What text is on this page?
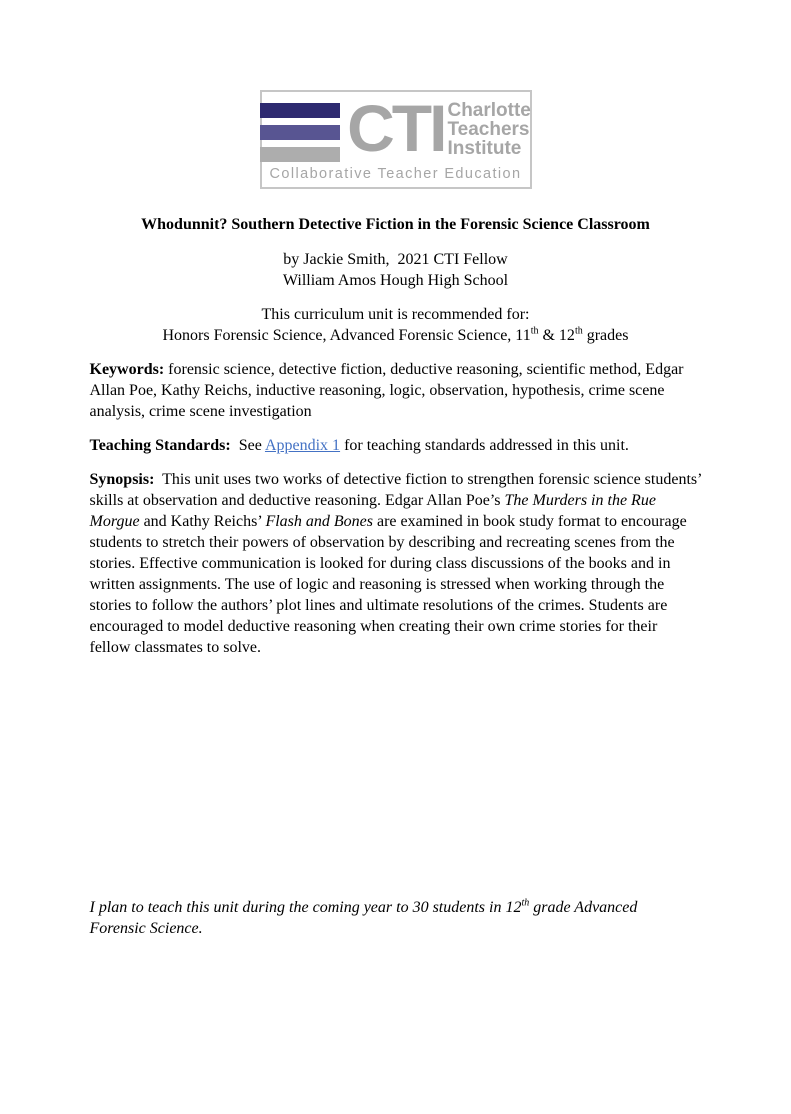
CTI Charlotte
Teachers
Institute
Collaborative Teacher Education

Whodunnit? Southern Detective Fiction in the Forensic Science Classroom

by Jackie Smith,  2021 CTI Fellow

William Amos Hough High School

This curriculum unit is recommended for:

Honors Forensic Science, Advanced Forensic Science, 11th & 12th grades

Keywords: forensic science, detective fiction, deductive reasoning, scientific method, Edgar Allan Poe, Kathy Reichs, inductive reasoning, logic, observation, hypothesis, crime scene analysis, crime scene investigation

Teaching Standards:  See Appendix 1 for teaching standards addressed in this unit.

Synopsis:  This unit uses two works of detective fiction to strengthen forensic science students’ skills at observation and deductive reasoning. Edgar Allan Poe’s The Murders in the Rue Morgue and Kathy Reichs’ Flash and Bones are examined in book study format to encourage students to stretch their powers of observation by describing and recreating scenes from the stories. Effective communication is looked for during class discussions of the books and in written assignments. The use of logic and reasoning is stressed when working through the stories to follow the authors’ plot lines and ultimate resolutions of the crimes. Students are encouraged to model deductive reasoning when creating their own crime stories for their fellow classmates to solve.

I plan to teach this unit during the coming year to 30 students in 12th grade Advanced Forensic Science.
